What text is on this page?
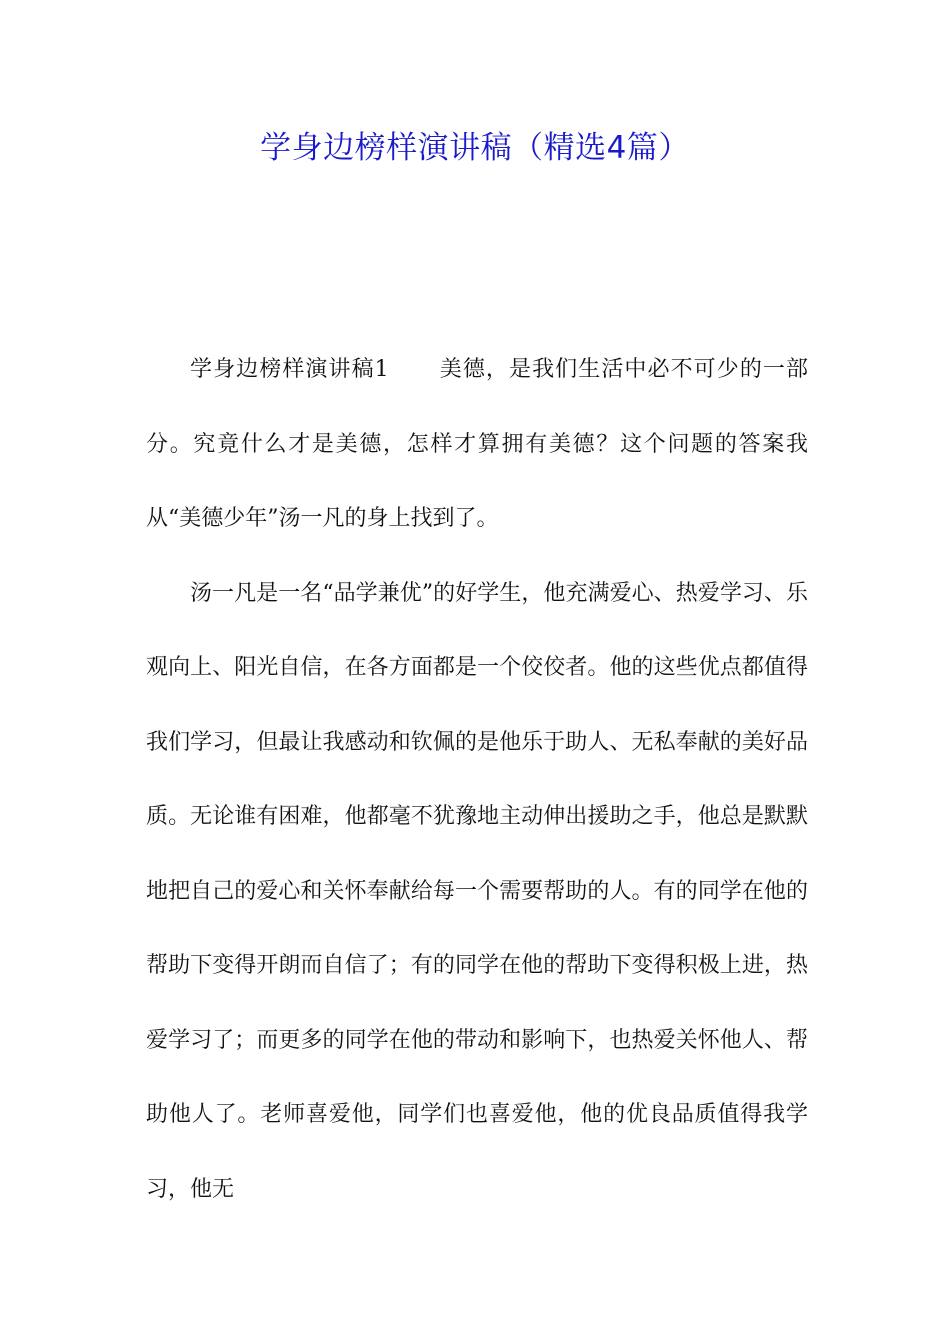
学身边榜样演讲稿（精选4篇）

学身边榜样演讲稿1 美德，是我们生活中必不可少的一部分。究竟什么才是美德，怎样才算拥有美德？这个问题的答案我从“美德少年”汤一凡的身上找到了。

汤一凡是一名“品学兼优”的好学生，他充满爱心、热爱学习、乐观向上、阳光自信，在各方面都是一个佼佼者。他的这些优点都值得我们学习，但最让我感动和钦佩的是他乐于助人、无私奉献的美好品质。无论谁有困难，他都毫不犹豫地主动伸出援助之手，他总是默默地把自己的爱心和关怀奉献给每一个需要帮助的人。有的同学在他的帮助下变得开朗而自信了；有的同学在他的帮助下变得积极上进，热爱学习了；而更多的同学在他的带动和影响下，也热爱关怀他人、帮助他人了。老师喜爱他，同学们也喜爱他，他的优良品质值得我学习，他无
